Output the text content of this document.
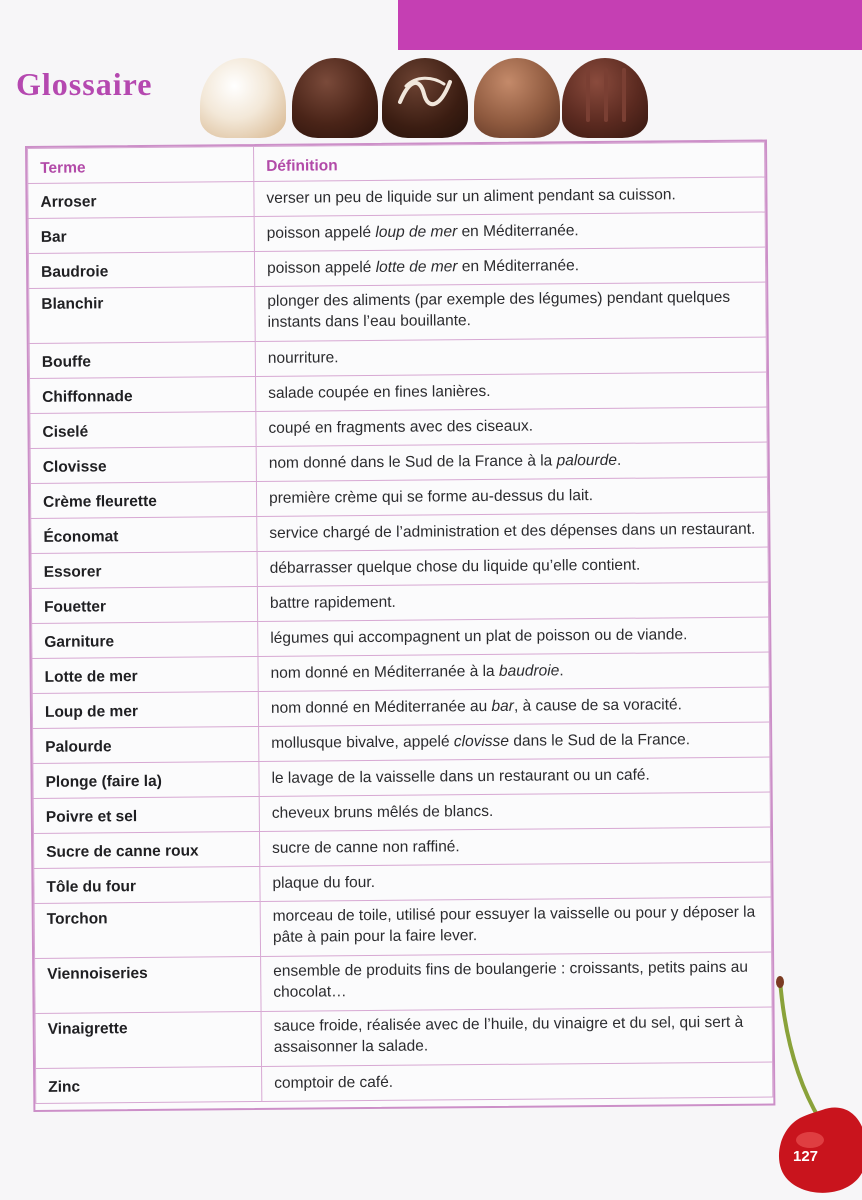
Glossaire
Terme	Définition
Arroser	verser un peu de liquide sur un aliment pendant sa cuisson.
Bar	poisson appelé loup de mer en Méditerranée.
Baudroie	poisson appelé lotte de mer en Méditerranée.
Blanchir	plonger des aliments (par exemple des légumes) pendant quelques instants dans l’eau bouillante.
Bouffe	nourriture.
Chiffonnade	salade coupée en fines lanières.
Ciselé	coupé en fragments avec des ciseaux.
Clovisse	nom donné dans le Sud de la France à la palourde.
Crème fleurette	première crème qui se forme au-dessus du lait.
Économat	service chargé de l’administration et des dépenses dans un restaurant.
Essorer	débarrasser quelque chose du liquide qu’elle contient.
Fouetter	battre rapidement.
Garniture	légumes qui accompagnent un plat de poisson ou de viande.
Lotte de mer	nom donné en Méditerranée à la baudroie.
Loup de mer	nom donné en Méditerranée au bar, à cause de sa voracité.
Palourde	mollusque bivalve, appelé clovisse dans le Sud de la France.
Plonge (faire la)	le lavage de la vaisselle dans un restaurant ou un café.
Poivre et sel	cheveux bruns mêlés de blancs.
Sucre de canne roux	sucre de canne non raffiné.
Tôle du four	plaque du four.
Torchon	morceau de toile, utilisé pour essuyer la vaisselle ou pour y déposer la pâte à pain pour la faire lever.
Viennoiseries	ensemble de produits fins de boulangerie : croissants, petits pains au chocolat…
Vinaigrette	sauce froide, réalisée avec de l’huile, du vinaigre et du sel, qui sert à assaisonner la salade.
Zinc	comptoir de café.
127
